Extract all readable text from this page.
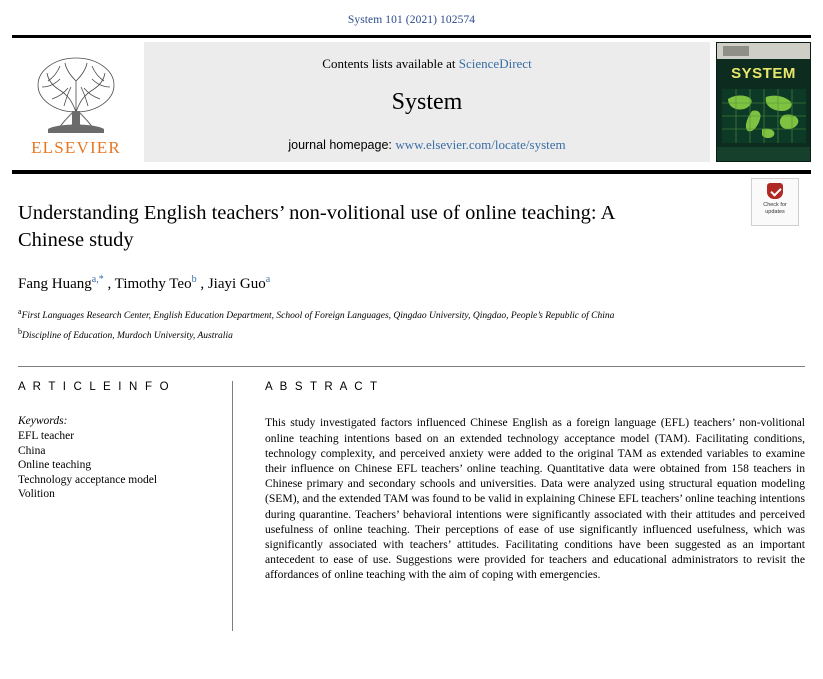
System 101 (2021) 102574
ELSEVIER
Contents lists available at ScienceDirect
System
journal homepage: www.elsevier.com/locate/system
SYSTEM
Check for
updates
Understanding English teachers’ non-volitional use of online teaching: A Chinese study
Fang Huang$^{a,*}$ , Timothy Teo$^b$ , Jiayi Guo$^a$
$^a$First Languages Research Center, English Education Department, School of Foreign Languages, Qingdao University, Qingdao, People’s Republic of China
$^b$Discipline of Education, Murdoch University, Australia
A R T I C L E I N F O
Keywords:
EFL teacher
China
Online teaching
Technology acceptance model
Volition
A B S T R A C T
This study investigated factors influenced Chinese English as a foreign language (EFL) teachers’ non-volitional online teaching intentions based on an extended technology acceptance model (TAM). Facilitating conditions, technology complexity, and perceived anxiety were added to the original TAM as extended variables to examine their influence on Chinese EFL teachers’ online teaching. Quantitative data were obtained from 158 teachers in Chinese primary and secondary schools and universities. Data were analyzed using structural equation modeling (SEM), and the extended TAM was found to be valid in explaining Chinese EFL teachers’ online teaching intentions during quarantine. Teachers’ behavioral intentions were significantly associated with their attitudes and perceived usefulness of online teaching. Their perceptions of ease of use significantly influenced usefulness, which was significantly associated with teachers’ attitudes. Facilitating conditions have been suggested as an important antecedent to ease of use. Suggestions were provided for teachers and educational administrators to revisit the affordances of online teaching with the aim of coping with emergencies.
